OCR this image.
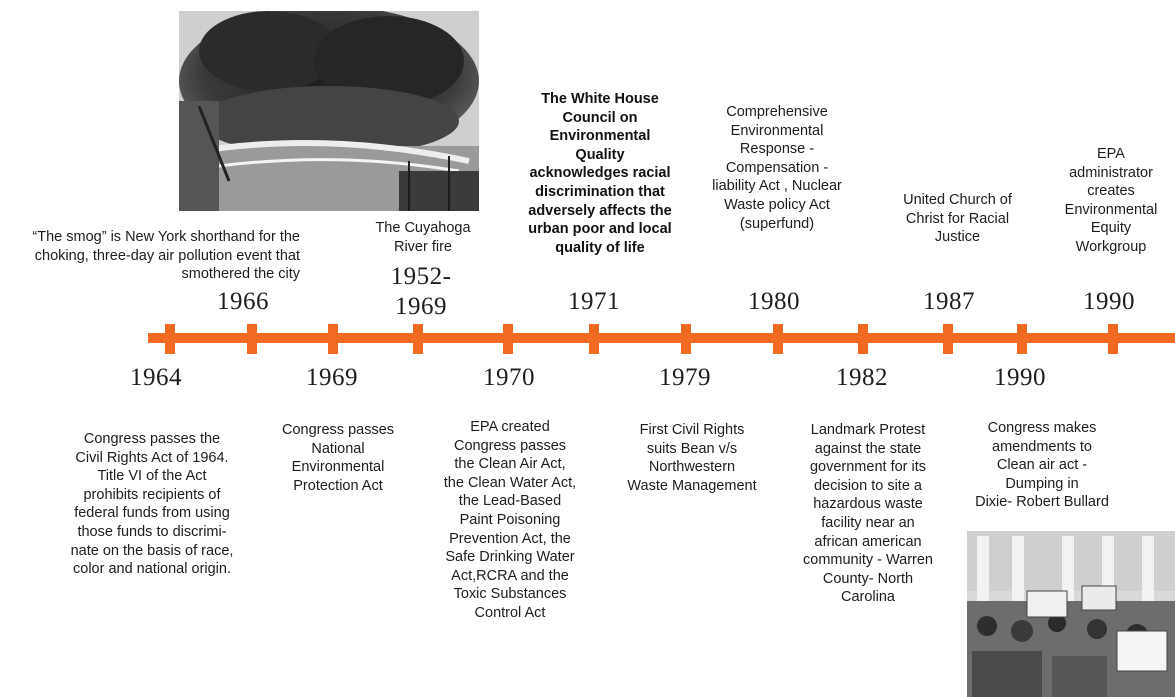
“The smog” is New York shorthand for the
choking, three-day air pollution event that
smothered the city
The Cuyahoga
River fire
The White House
Council on
Environmental
Quality
acknowledges racial
discrimination that
adversely affects the
urban poor and local
quality of life
Comprehensive
Environmental
Response -
Compensation -
liability Act , Nuclear
Waste policy Act
(superfund)
United Church of
Christ for Racial
Justice
EPA
administrator
creates
Environmental
Equity
Workgroup
1966
1952-
1969	1971	1980	1987	1990
1964	1969	1970	1979	1982	1990
Congress passes the
Civil Rights Act of 1964.
Title VI of the Act
prohibits recipients of
federal funds from using
those funds to discrimi-
nate on the basis of race,
color and national origin.
Congress passes
National
Environmental
Protection Act
EPA created
Congress passes
the Clean Air Act,
the Clean Water Act,
the Lead-Based
Paint Poisoning
Prevention Act, the
Safe Drinking Water
Act,RCRA and the
Toxic Substances
Control Act
First Civil Rights
suits Bean v/s
Northwestern
Waste Management
Landmark Protest
against the state
government for its
decision to site a
hazardous waste
facility near an
african american
community - Warren
County- North
Carolina
Congress makes
amendments to
Clean air act -
Dumping in
Dixie- Robert Bullard
